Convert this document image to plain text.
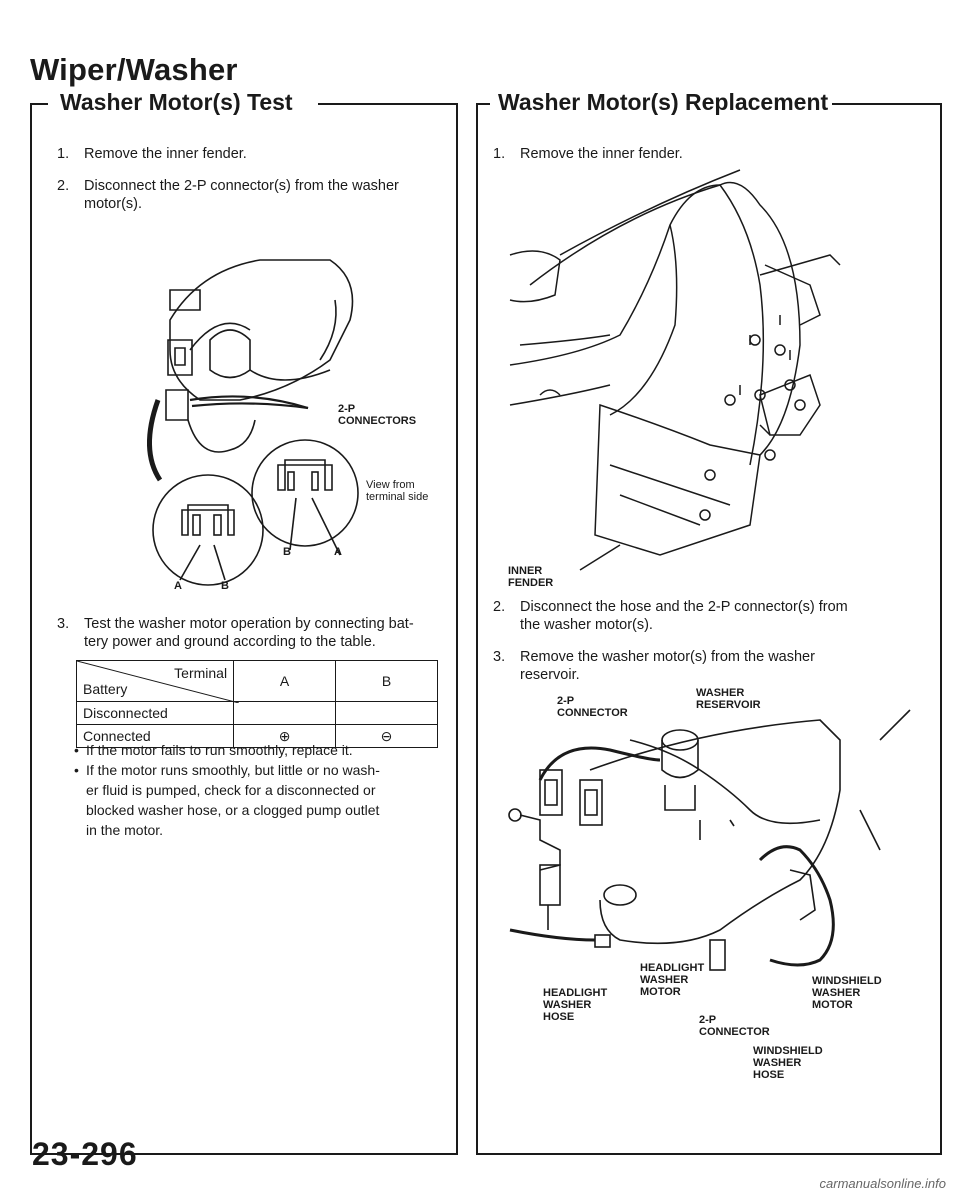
Wiper/Washer
Washer Motor(s) Test
1. Remove the inner fender.
2. Disconnect the 2-P connector(s) from the washer
motor(s).
2-P
CONNECTORS
View from
terminal side
B	A
A	B
3. Test the washer motor operation by connecting bat-
tery power and ground according to the table.
Terminal
Battery	A	B
Disconnected		
Connected	⊕	⊖
• If the motor fails to run smoothly, replace it.
• If the motor runs smoothly, but little or no wash-
er fluid is pumped, check for a disconnected or
blocked washer hose, or a clogged pump outlet
in the motor.
Washer Motor(s) Replacement
1. Remove the inner fender.
INNER
FENDER
2. Disconnect the hose and the 2-P connector(s) from
the washer motor(s).
3. Remove the washer motor(s) from the washer
reservoir.
2-P
CONNECTOR
WASHER
RESERVOIR
HEADLIGHT
WASHER
HOSE
HEADLIGHT
WASHER
MOTOR
WINDSHIELD
WASHER
MOTOR
2-P
CONNECTOR
WINDSHIELD
WASHER
HOSE
23-296
carmanualsonline.info
